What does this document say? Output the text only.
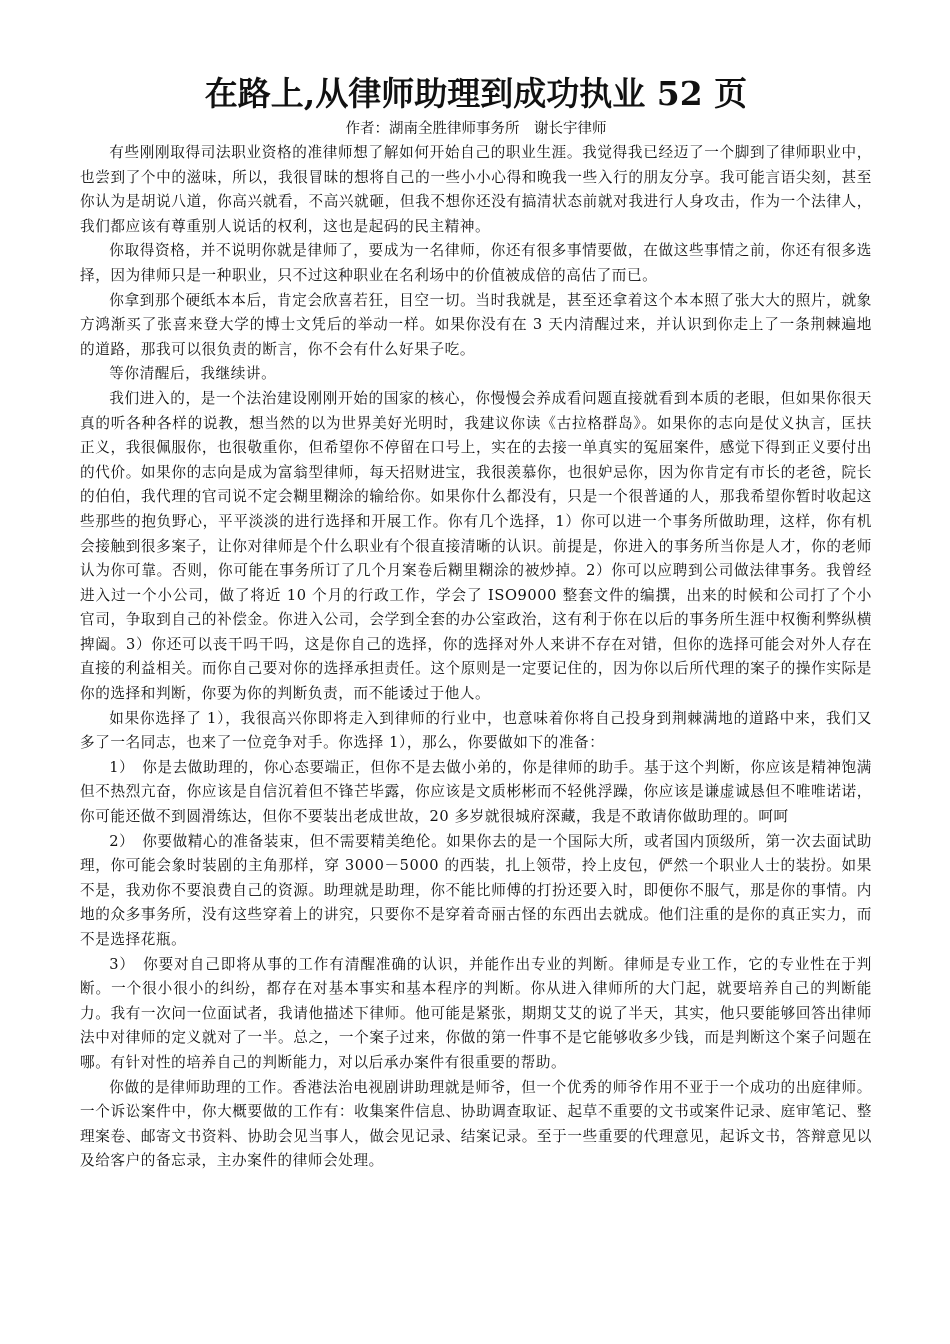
在路上,从律师助理到成功执业 52 页
作者：湖南全胜律师事务所　谢长宇律师

有些刚刚取得司法职业资格的准律师想了解如何开始自己的职业生涯。我觉得我已经迈了一个脚到了律师职业中，也尝到了个中的滋味，所以，我很冒昧的想将自己的一些小小心得和晚我一些入行的朋友分享。我可能言语尖刻，甚至你认为是胡说八道，你高兴就看，不高兴就砸，但我不想你还没有搞清状态前就对我进行人身攻击，作为一个法律人，我们都应该有尊重别人说话的权利，这也是起码的民主精神。

你取得资格，并不说明你就是律师了，要成为一名律师，你还有很多事情要做，在做这些事情之前，你还有很多选择，因为律师只是一种职业，只不过这种职业在名利场中的价值被成倍的高估了而已。

你拿到那个硬纸本本后，肯定会欣喜若狂，目空一切。当时我就是，甚至还拿着这个本本照了张大大的照片，就象方鸿渐买了张喜来登大学的博士文凭后的举动一样。如果你没有在 3 天内清醒过来，并认识到你走上了一条荆棘遍地的道路，那我可以很负责的断言，你不会有什么好果子吃。

等你清醒后，我继续讲。

我们进入的，是一个法治建设刚刚开始的国家的核心，你慢慢会养成看问题直接就看到本质的老眼，但如果你很天真的听各种各样的说教，想当然的以为世界美好光明时，我建议你读《古拉格群岛》。如果你的志向是仗义执言，匡扶正义，我很佩服你，也很敬重你，但希望你不停留在口号上，实在的去接一单真实的冤屈案件，感觉下得到正义要付出的代价。如果你的志向是成为富翁型律师，每天招财进宝，我很羡慕你，也很妒忌你，因为你肯定有市长的老爸，院长的伯伯，我代理的官司说不定会糊里糊涂的输给你。如果你什么都没有，只是一个很普通的人，那我希望你暂时收起这些那些的抱负野心，平平淡淡的进行选择和开展工作。你有几个选择，1）你可以进一个事务所做助理，这样，你有机会接触到很多案子，让你对律师是个什么职业有个很直接清晰的认识。前提是，你进入的事务所当你是人才，你的老师认为你可靠。否则，你可能在事务所订了几个月案卷后糊里糊涂的被炒掉。2）你可以应聘到公司做法律事务。我曾经进入过一个小公司，做了将近 10 个月的行政工作，学会了 ISO9000 整套文件的编撰，出来的时候和公司打了个小官司，争取到自己的补偿金。你进入公司，会学到全套的办公室政治，这有利于你在以后的事务所生涯中权衡利弊纵横捭阖。3）你还可以丧干吗干吗，这是你自己的选择，你的选择对外人来讲不存在对错，但你的选择可能会对外人存在直接的利益相关。而你自己要对你的选择承担责任。这个原则是一定要记住的，因为你以后所代理的案子的操作实际是你的选择和判断，你要为你的判断负责，而不能诿过于他人。

如果你选择了 1），我很高兴你即将走入到律师的行业中，也意味着你将自己投身到荆棘满地的道路中来，我们又多了一名同志，也来了一位竞争对手。你选择 1），那么，你要做如下的准备：

1）　你是去做助理的，你心态要端正，但你不是去做小弟的，你是律师的助手。基于这个判断，你应该是精神饱满但不热烈亢奋，你应该是自信沉着但不锋芒毕露，你应该是文质彬彬而不轻佻浮躁，你应该是谦虚诚恳但不唯唯诺诺，你可能还做不到圆滑练达，但你不要装出老成世故，20 多岁就很城府深藏，我是不敢请你做助理的。呵呵

2）　你要做精心的准备装束，但不需要精美绝伦。如果你去的是一个国际大所，或者国内顶级所，第一次去面试助理，你可能会象时装剧的主角那样，穿 3000－5000 的西装，扎上领带，拎上皮包，俨然一个职业人士的装扮。如果不是，我劝你不要浪费自己的资源。助理就是助理，你不能比师傅的打扮还要入时，即便你不服气，那是你的事情。内地的众多事务所，没有这些穿着上的讲究，只要你不是穿着奇丽古怪的东西出去就成。他们注重的是你的真正实力，而不是选择花瓶。

3）　你要对自己即将从事的工作有清醒准确的认识，并能作出专业的判断。律师是专业工作，它的专业性在于判断。一个很小很小的纠纷，都存在对基本事实和基本程序的判断。你从进入律师所的大门起，就要培养自己的判断能力。我有一次问一位面试者，我请他描述下律师。他可能是紧张，期期艾艾的说了半天，其实，他只要能够回答出律师法中对律师的定义就对了一半。总之，一个案子过来，你做的第一件事不是它能够收多少钱，而是判断这个案子问题在哪。有针对性的培养自己的判断能力，对以后承办案件有很重要的帮助。

你做的是律师助理的工作。香港法治电视剧讲助理就是师爷，但一个优秀的师爷作用不亚于一个成功的出庭律师。一个诉讼案件中，你大概要做的工作有：收集案件信息、协助调查取证、起草不重要的文书或案件记录、庭审笔记、整理案卷、邮寄文书资料、协助会见当事人，做会见记录、结案记录。至于一些重要的代理意见，起诉文书，答辩意见以及给客户的备忘录，主办案件的律师会处理。
